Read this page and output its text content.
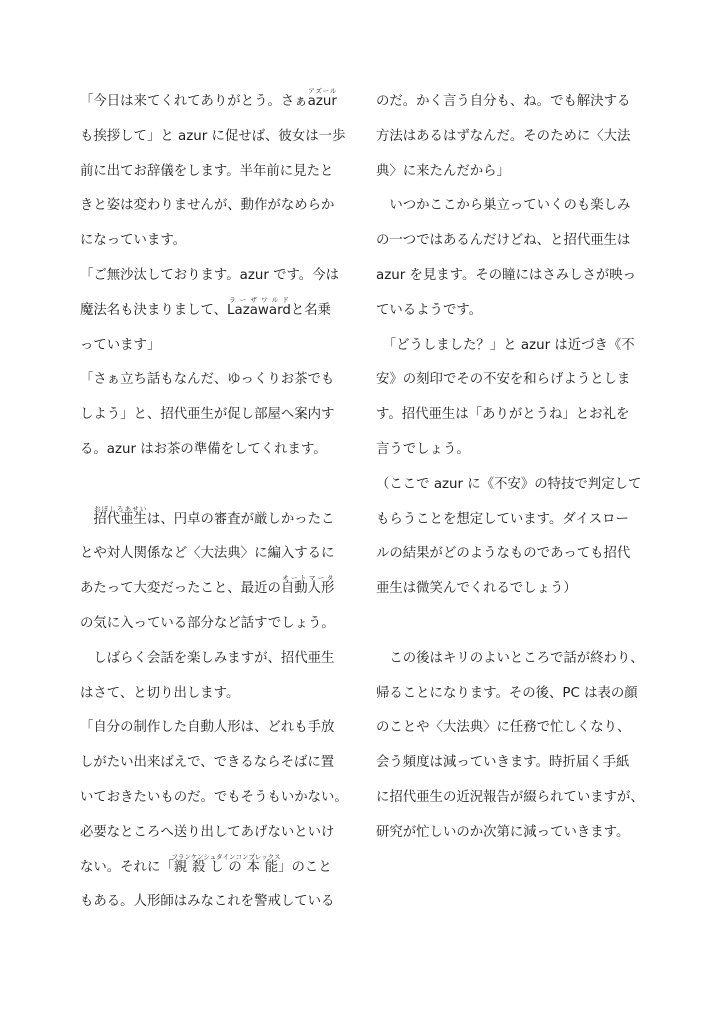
「今日は来てくれてありがとう。さぁazurアズール
も挨拶して」と azur に促せば、彼女は一歩
前に出てお辞儀をします。半年前に見たと
きと姿は変わりませんが、動作がなめらか
になっています。
「ご無沙汰しております。azur です。今は
魔法名も決まりまして、Lazawardラーザワルドと名乗
っています」
「さぁ立ち話もなんだ、ゆっくりお茶でも
しよう」と、招代亜生が促し部屋へ案内す
る。azur はお茶の準備をしてくれます。
　招代亜生おぼしろあせいは、円卓の審査が厳しかったこ
とや対人関係など〈大法典〉に編入するに
あたって大変だったこと、最近の自動人形オートマータ
の気に入っている部分など話すでしょう。
　しばらく会話を楽しみますが、招代亜生
はさて、と切り出します。
「自分の制作した自動人形は、どれも手放
しがたい出来ばえで、できるならそばに置
いておきたいものだ。でもそうもいかない。
必要なところへ送り出してあげないといけ
ない。それに「親殺しの本能フランケンシュタインコンプレックス」のこと
もある。人形師はみなこれを警戒している
のだ。かく言う自分も、ね。でも解決する
方法はあるはずなんだ。そのために〈大法
典〉に来たんだから」
　いつかここから巣立っていくのも楽しみ
の一つではあるんだけどね、と招代亜生は
azur を見ます。その瞳にはさみしさが映っ
ているようです。
　「どうしました？」と azur は近づき《不
安》の刻印でその不安を和らげようとしま
す。招代亜生は「ありがとうね」とお礼を
言うでしょう。
（ここで azur に《不安》の特技で判定して
もらうことを想定しています。ダイスロー
ルの結果がどのようなものであっても招代
亜生は微笑んでくれるでしょう）
　この後はキリのよいところで話が終わり、
帰ることになります。その後、PC は表の顔
のことや〈大法典〉に任務で忙しくなり、
会う頻度は減っていきます。時折届く手紙
に招代亜生の近況報告が綴られていますが、
研究が忙しいのか次第に減っていきます。
